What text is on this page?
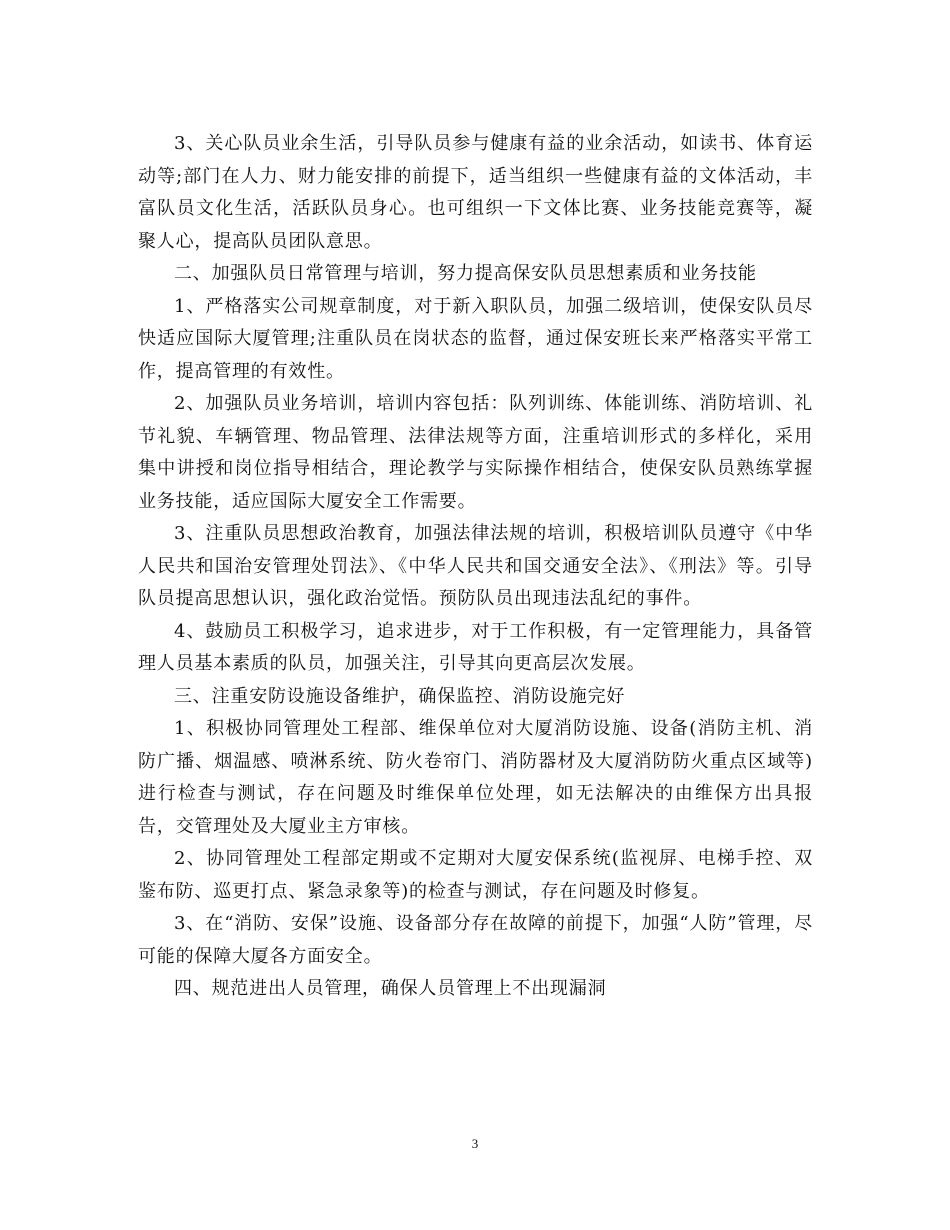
3、关心队员业余生活，引导队员参与健康有益的业余活动，如读书、体育运动等;部门在人力、财力能安排的前提下，适当组织一些健康有益的文体活动，丰富队员文化生活，活跃队员身心。也可组织一下文体比赛、业务技能竞赛等，凝聚人心，提高队员团队意思。

二、加强队员日常管理与培训，努力提高保安队员思想素质和业务技能

1、严格落实公司规章制度，对于新入职队员，加强二级培训，使保安队员尽快适应国际大厦管理;注重队员在岗状态的监督，通过保安班长来严格落实平常工作，提高管理的有效性。

2、加强队员业务培训，培训内容包括：队列训练、体能训练、消防培训、礼节礼貌、车辆管理、物品管理、法律法规等方面，注重培训形式的多样化，采用集中讲授和岗位指导相结合，理论教学与实际操作相结合，使保安队员熟练掌握业务技能，适应国际大厦安全工作需要。

3、注重队员思想政治教育，加强法律法规的培训，积极培训队员遵守《中华人民共和国治安管理处罚法》、《中华人民共和国交通安全法》、《刑法》等。引导队员提高思想认识，强化政治觉悟。预防队员出现违法乱纪的事件。

4、鼓励员工积极学习，追求进步，对于工作积极，有一定管理能力，具备管理人员基本素质的队员，加强关注，引导其向更高层次发展。

三、注重安防设施设备维护，确保监控、消防设施完好

1、积极协同管理处工程部、维保单位对大厦消防设施、设备(消防主机、消防广播、烟温感、喷淋系统、防火卷帘门、消防器材及大厦消防防火重点区域等)进行检查与测试，存在问题及时维保单位处理，如无法解决的由维保方出具报告，交管理处及大厦业主方审核。

2、协同管理处工程部定期或不定期对大厦安保系统(监视屏、电梯手控、双鉴布防、巡更打点、紧急录象等)的检查与测试，存在问题及时修复。

3、在“消防、安保”设施、设备部分存在故障的前提下，加强“人防”管理，尽可能的保障大厦各方面安全。

四、规范进出人员管理，确保人员管理上不出现漏洞

3
